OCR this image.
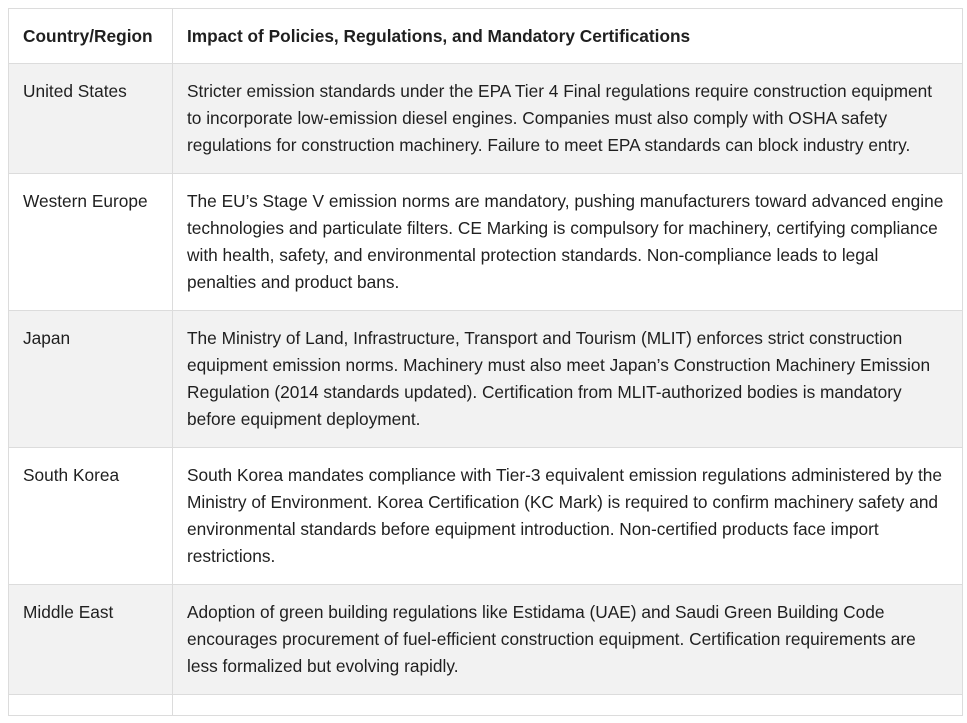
Country/Region	Impact of Policies, Regulations, and Mandatory Certifications
United States	Stricter emission standards under the EPA Tier 4 Final regulations require construction equipment to incorporate low-emission diesel engines. Companies must also comply with OSHA safety regulations for construction machinery. Failure to meet EPA standards can block industry entry.
Western Europe	The EU’s Stage V emission norms are mandatory, pushing manufacturers toward advanced engine technologies and particulate filters. CE Marking is compulsory for machinery, certifying compliance with health, safety, and environmental protection standards. Non-compliance leads to legal penalties and product bans.
Japan	The Ministry of Land, Infrastructure, Transport and Tourism (MLIT) enforces strict construction equipment emission norms. Machinery must also meet Japan’s Construction Machinery Emission Regulation (2014 standards updated). Certification from MLIT-authorized bodies is mandatory before equipment deployment.
South Korea	South Korea mandates compliance with Tier-3 equivalent emission regulations administered by the Ministry of Environment. Korea Certification (KC Mark) is required to confirm machinery safety and environmental standards before equipment introduction. Non-certified products face import restrictions.
Middle East	Adoption of green building regulations like Estidama (UAE) and Saudi Green Building Code encourages procurement of fuel-efficient construction equipment. Certification requirements are less formalized but evolving rapidly.
